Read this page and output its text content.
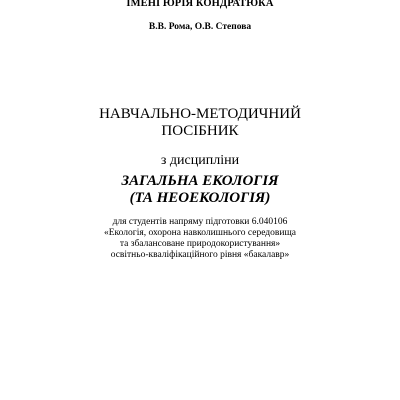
ІМЕНІ ЮРІЯ КОНДРАТЮКА
В.В. Рома, О.В. Степова
НАВЧАЛЬНО-МЕТОДИЧНИЙ
ПОСІБНИК
з дисципліни
ЗАГАЛЬНА ЕКОЛОГІЯ
(ТА НЕОЕКОЛОГІЯ)
для студентів напряму підготовки 6.040106
«Екологія, охорона навколишнього середовища
та збалансоване природокористування»
освітньо-кваліфікаційного рівня «бакалавр»
